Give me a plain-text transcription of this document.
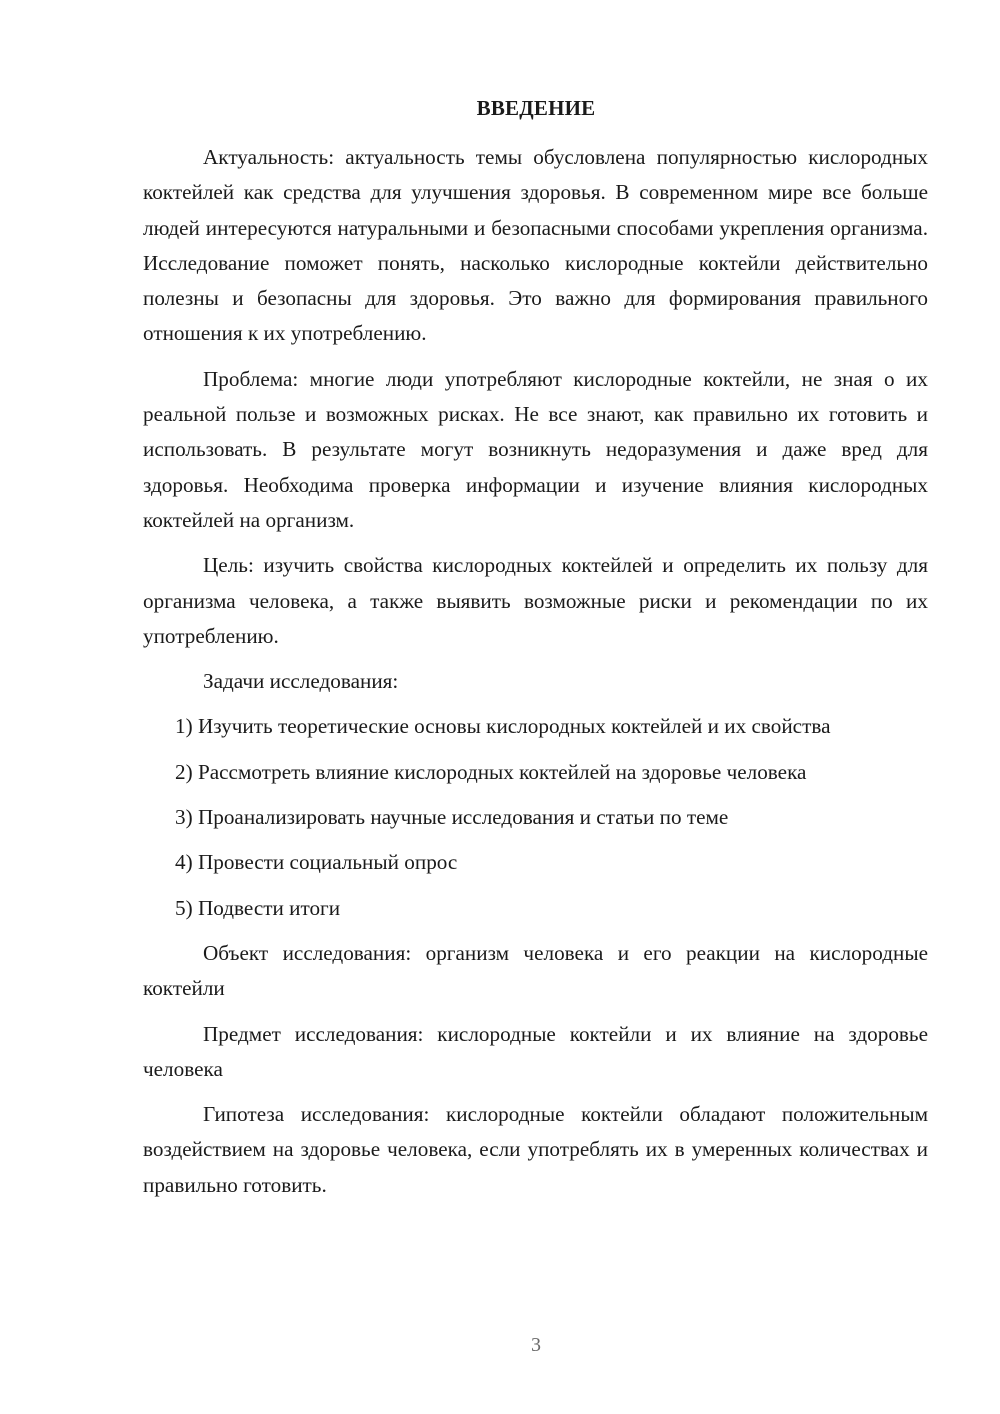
ВВЕДЕНИЕ

Актуальность: актуальность темы обусловлена популярностью кислородных коктейлей как средства для улучшения здоровья. В современном мире все больше людей интересуются натуральными и безопасными способами укрепления организма. Исследование поможет понять, насколько кислородные коктейли действительно полезны и безопасны для здоровья. Это важно для формирования правильного отношения к их употреблению.

Проблема: многие люди употребляют кислородные коктейли, не зная о их реальной пользе и возможных рисках. Не все знают, как правильно их готовить и использовать. В результате могут возникнуть недоразумения и даже вред для здоровья. Необходима проверка информации и изучение влияния кислородных коктейлей на организм.

Цель: изучить свойства кислородных коктейлей и определить их пользу для организма человека, а также выявить возможные риски и рекомендации по их употреблению.

Задачи исследования:

1) Изучить теоретические основы кислородных коктейлей и их свойства

2) Рассмотреть влияние кислородных коктейлей на здоровье человека

3) Проанализировать научные исследования и статьи по теме

4) Провести социальный опрос

5) Подвести итоги

Объект исследования: организм человека и его реакции на кислородные коктейли

Предмет исследования: кислородные коктейли и их влияние на здоровье человека

Гипотеза исследования: кислородные коктейли обладают положительным воздействием на здоровье человека, если употреблять их в умеренных количествах и правильно готовить.

3
